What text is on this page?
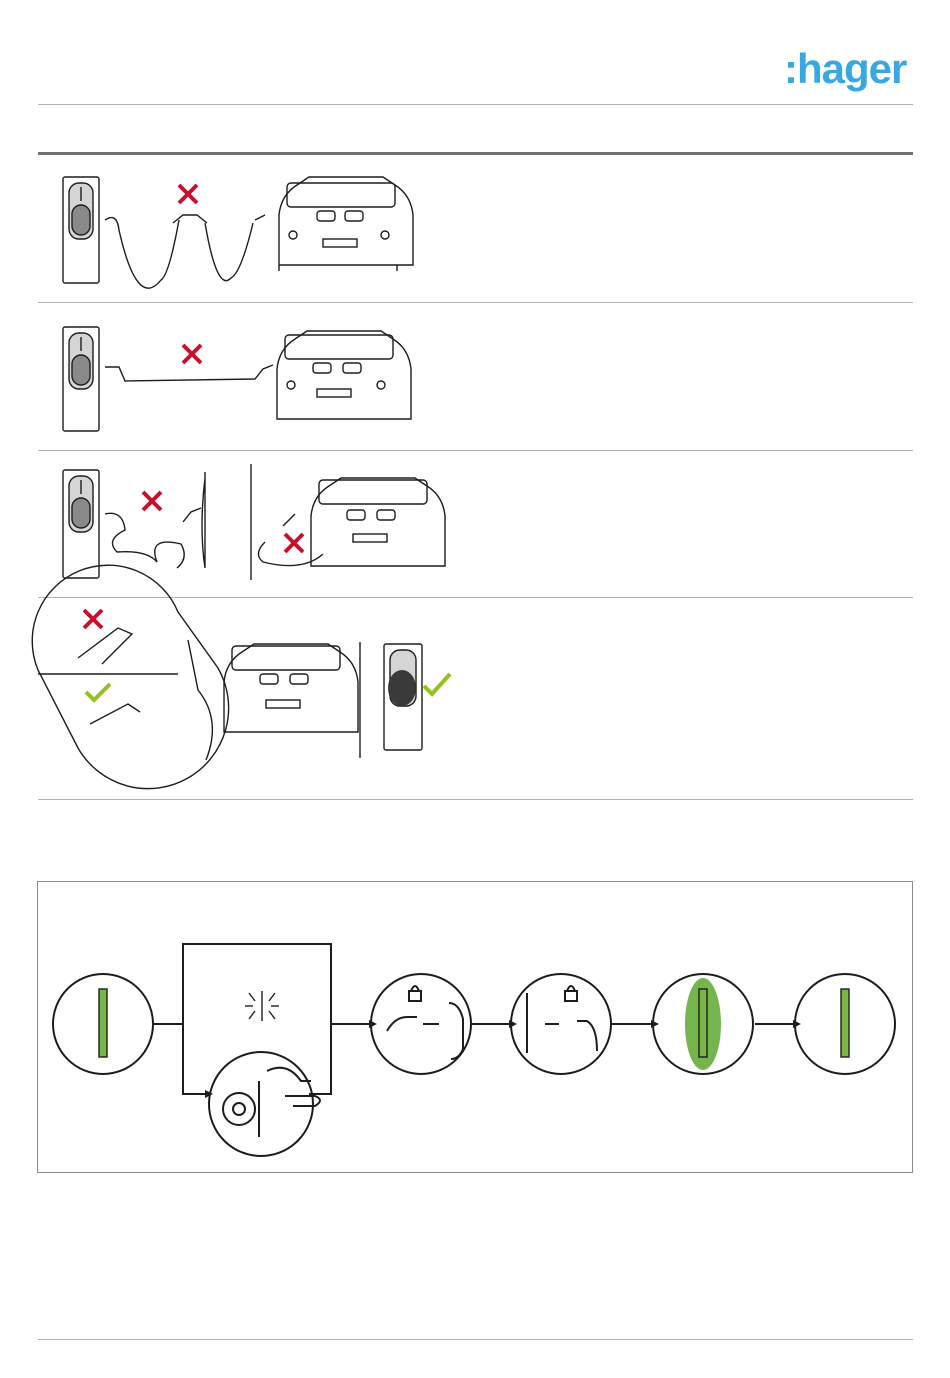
:hager
